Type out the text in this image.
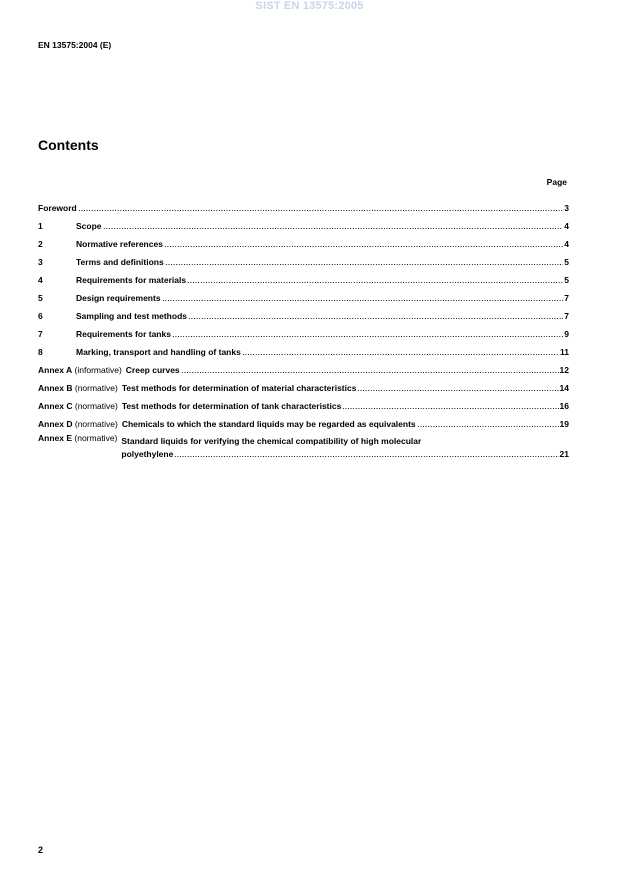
SIST EN 13575:2005
EN 13575:2004 (E)
Contents
Page
Foreword	3
1	Scope	4
2	Normative references	4
3	Terms and definitions	5
4	Requirements for materials	5
5	Design requirements	7
6	Sampling and test methods	7
7	Requirements for tanks	9
8	Marking, transport and handling of tanks	11
Annex A (informative) Creep curves	12
Annex B (normative) Test methods for determination of material characteristics	14
Annex C (normative) Test methods for determination of tank characteristics	16
Annex D (normative) Chemicals to which the standard liquids may be regarded as equivalents	19
Annex E (normative) Standard liquids for verifying the chemical compatibility of high molecular
polyethylene	21
2
